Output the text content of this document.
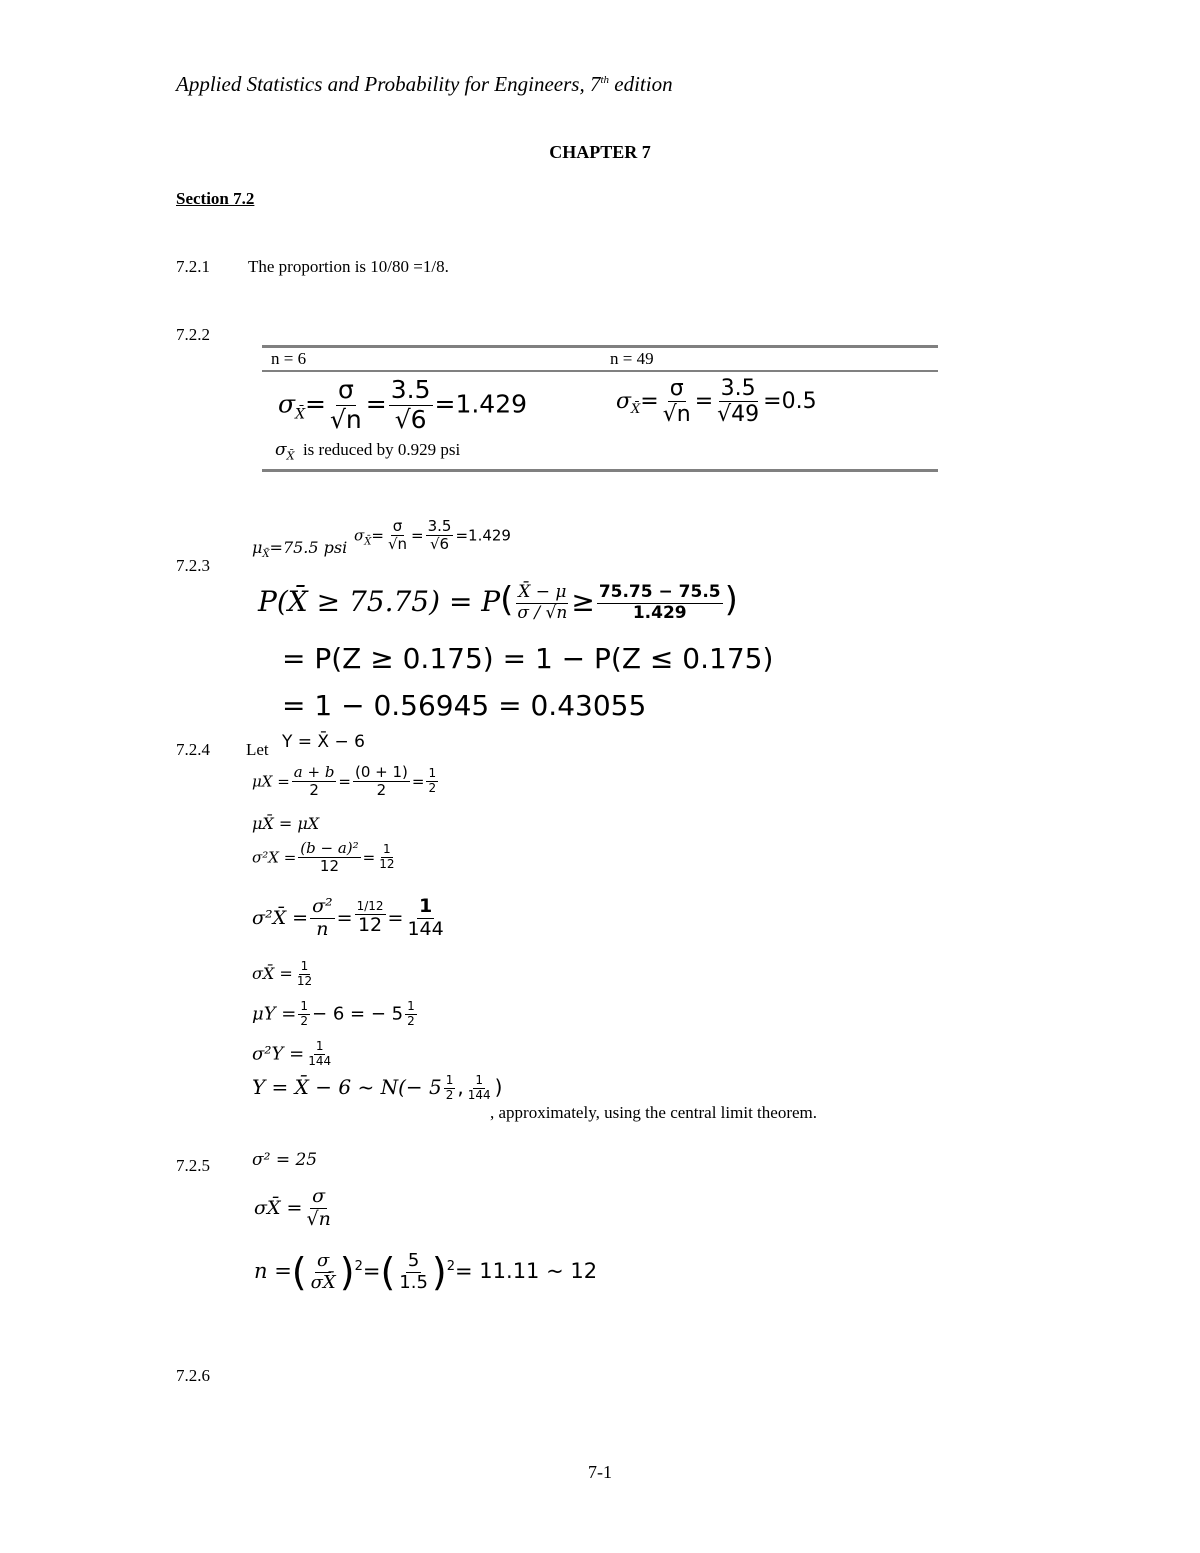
Applied Statistics and Probability for Engineers, 7th edition
CHAPTER 7
Section 7.2
7.2.1 The proportion is 10/80 =1/8.
7.2.2
n = 6	n = 49
$\sigma_{X̄}= \frac{\sigma}{√n} = \frac{3.5}{√6} =1.429$	$\sigma_{X̄}= \frac{\sigma}{√n} = \frac{3.5}{√49} =0.5$
$\sigma_{X̄}$ is reduced by 0.929 psi
7.2.3
$\mu_{X̄}=75.5$ psi
$\sigma_{X̄}= \frac{\sigma}{√n} = \frac{3.5}{√6} =1.429$
P(X̄ ≥ $75.75) = P( \frac{X̄ - \mu}{\sigma / √n} \ge \frac{75.75 - 75.5}{1.429}$ )
= P(Z ≥ 0.175) = 1 − P(Z ≤ 0.175)
= 1 − 0.56945 = 0.43055
7.2.4 Let Y = X̄ − 6
$\mu X = \frac{a + b}{2} = \frac{(0 + 1)}{2} = \frac{1}{2}$
μX̄ = μX
$\sigma^2X = \frac{\text{(b − a)²}}{12} = \frac{1}{12}$
σ²X̄ = $\frac{\text{σ²}}{n} = \frac{1/12}{12} = \frac{1}{144}$
σX̄ = $\frac{1}{12}$
$\mu Y = \frac{1}{2} - 6$ = − $5 \frac{1}{2}$
$\sigma^2Y = \frac{1}{144}$
Y = X̄ − 6 ~ $N(- 5 \frac{1}{2}$ , $\frac{1}{144}$ )
, approximately, using the central limit theorem.
7.2.5 σ² = 25
σX̄ = $\frac{\sigma}{√n}$
n =( $\frac{\sigma}{\sigma X̄} )^2=( \frac{5}{1.5} )^2= 11.11$ ~ 12
7.2.6
7-1
